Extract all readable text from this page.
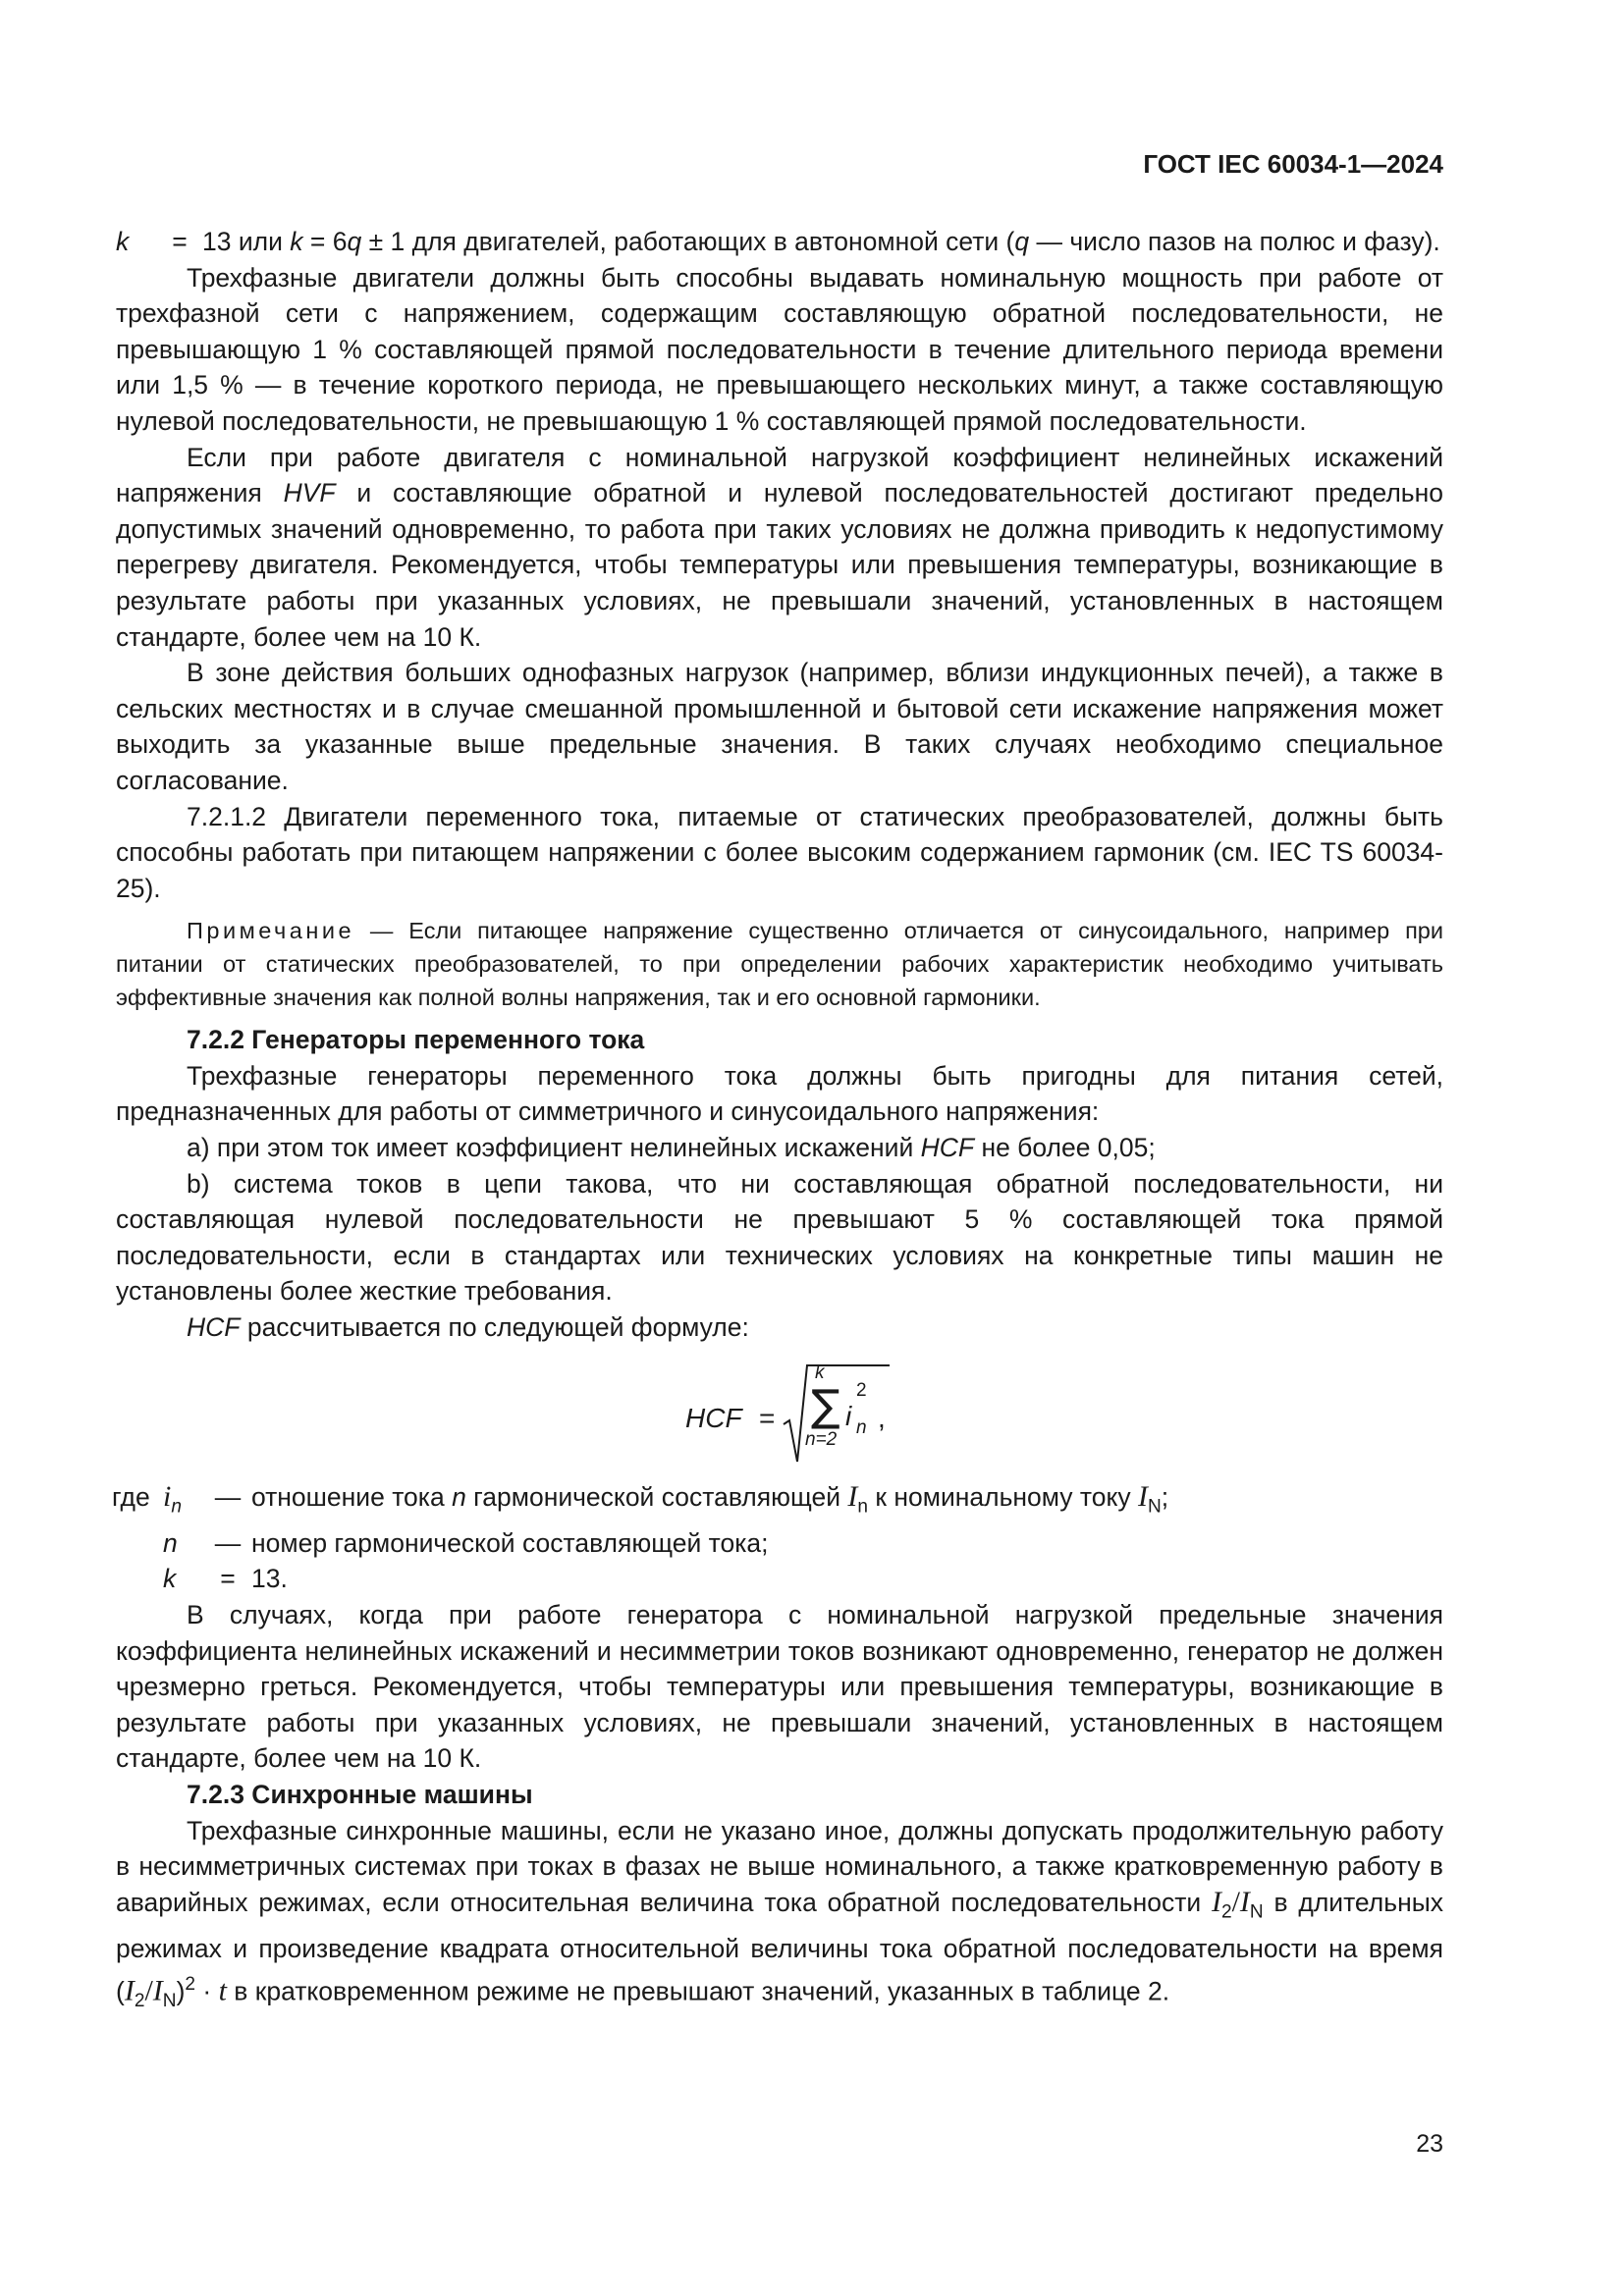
ГОСТ IEC 60034-1—2024
k	= 13 или k = 6q ± 1 для двигателей, работающих в автономной сети (q — число пазов на полюс и фазу).

Трехфазные двигатели должны быть способны выдавать номинальную мощность при работе от трехфазной сети с напряжением, содержащим составляющую обратной последовательности, не превышающую 1 % составляющей прямой последовательности в течение длительного периода времени или 1,5 % — в течение короткого периода, не превышающего нескольких минут, а также составляющую нулевой последовательности, не превышающую 1 % составляющей прямой последовательности.

Если при работе двигателя с номинальной нагрузкой коэффициент нелинейных искажений напряжения HVF и составляющие обратной и нулевой последовательностей достигают предельно допустимых значений одновременно, то работа при таких условиях не должна приводить к недопустимому перегреву двигателя. Рекомендуется, чтобы температуры или превышения температуры, возникающие в результате работы при указанных условиях, не превышали значений, установленных в настоящем стандарте, более чем на 10 К.

В зоне действия больших однофазных нагрузок (например, вблизи индукционных печей), а также в сельских местностях и в случае смешанной промышленной и бытовой сети искажение напряжения может выходить за указанные выше предельные значения. В таких случаях необходимо специальное согласование.

7.2.1.2 Двигатели переменного тока, питаемые от статических преобразователей, должны быть способны работать при питающем напряжении с более высоким содержанием гармоник (см. IEC TS 60034-25).

Примечание — Если питающее напряжение существенно отличается от синусоидального, например при питании от статических преобразователей, то при определении рабочих характеристик необходимо учитывать эффективные значения как полной волны напряжения, так и его основной гармоники.

7.2.2 Генераторы переменного тока

Трехфазные генераторы переменного тока должны быть пригодны для питания сетей, предназначенных для работы от симметричного и синусоидального напряжения:

a) при этом ток имеет коэффициент нелинейных искажений HCF не более 0,05;

b) система токов в цепи такова, что ни составляющая обратной последовательности, ни составляющая нулевой последовательности не превышают 5 % составляющей тока прямой последовательности, если в стандартах или технических условиях на конкретные типы машин не установлены более жесткие требования.

HCF рассчитывается по следующей формуле:

HCF =
k
∑
n=2
i
2
n ,
где $i_n$	— отношение тока n гармонической составляющей $I_n$ к номинальному току $I_N$;
n	— номер гармонической составляющей тока;
k	= 13.

В случаях, когда при работе генератора с номинальной нагрузкой предельные значения коэффициента нелинейных искажений и несимметрии токов возникают одновременно, генератор не должен чрезмерно греться. Рекомендуется, чтобы температуры или превышения температуры, возникающие в результате работы при указанных условиях, не превышали значений, установленных в настоящем стандарте, более чем на 10 К.

7.2.3 Синхронные машины

Трехфазные синхронные машины, если не указано иное, должны допускать продолжительную работу в несимметричных системах при токах в фазах не выше номинального, а также кратковременную работу в аварийных режимах, если относительная величина тока обратной последовательности $I_2/I_N$ в длительных режимах и произведение квадрата относительной величины тока обратной последовательности на время $(I_2/I_N)^2 \cdot t$ в кратковременном режиме не превышают значений, указанных в таблице 2.

23
